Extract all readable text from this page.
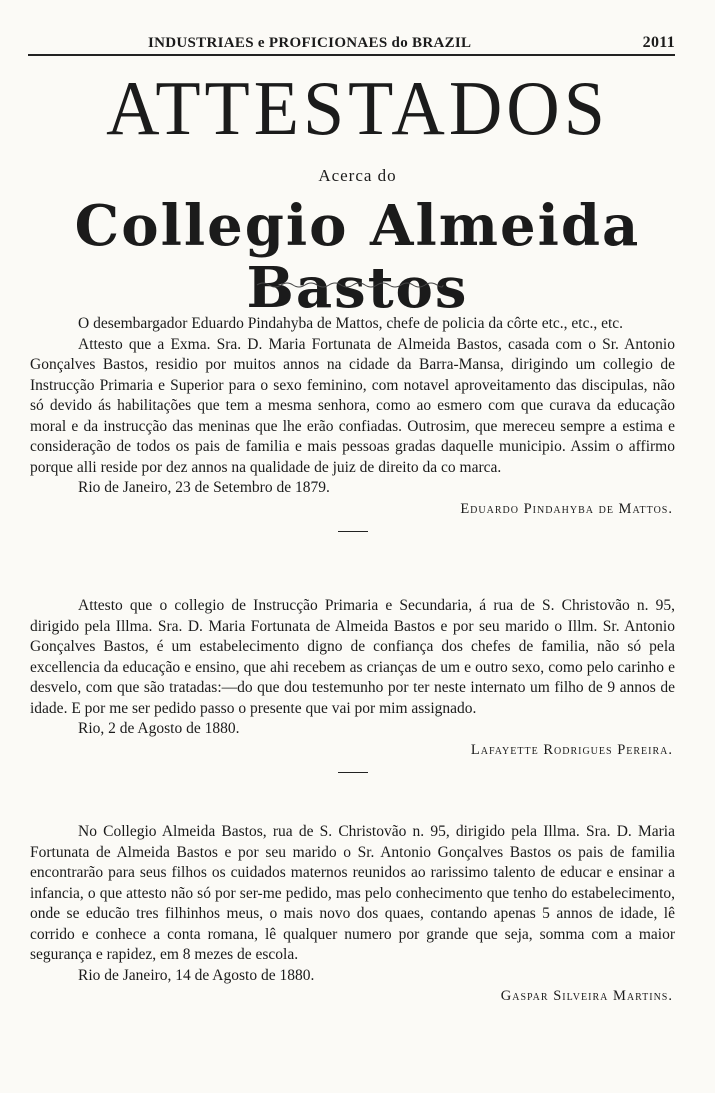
INDUSTRIAES e PROFICIONAES do BRAZIL	2011
ATTESTADOS
Acerca do
Collegio Almeida Bastos

O desembargador Eduardo Pindahyba de Mattos, chefe de policia da côrte etc., etc., etc.

Attesto que a Exma. Sra. D. Maria Fortunata de Almeida Bastos, casada com o Sr. Antonio Gonçalves Bastos, residio por muitos annos na cidade da Barra-Mansa, dirigindo um collegio de Instrucção Primaria e Superior para o sexo feminino, com notavel aproveitamento das discipulas, não só devido ás habilitações que tem a mesma senhora, como ao esmero com que curava da educação moral e da instrucção das meninas que lhe erão confiadas. Outrosim, que mereceu sempre a estima e consideração de todos os pais de familia e mais pessoas gradas daquelle municipio. Assim o affirmo porque alli reside por dez annos na qualidade de juiz de direito da co marca.

Rio de Janeiro, 23 de Setembro de 1879.
Eduardo Pindahyba de Mattos.

Attesto que o collegio de Instrucção Primaria e Secundaria, á rua de S. Christovão n. 95, dirigido pela Illma. Sra. D. Maria Fortunata de Almeida Bastos e por seu marido o Illm. Sr. Antonio Gonçalves Bastos, é um estabelecimento digno de confiança dos chefes de familia, não só pela excellencia da educação e ensino, que ahi recebem as crianças de um e outro sexo, como pelo carinho e desvelo, com que são tratadas:—do que dou testemunho por ter neste internato um filho de 9 annos de idade. E por me ser pedido passo o presente que vai por mim assignado.

Rio, 2 de Agosto de 1880.
Lafayette Rodrigues Pereira.

No Collegio Almeida Bastos, rua de S. Christovão n. 95, dirigido pela Illma. Sra. D. Maria Fortunata de Almeida Bastos e por seu marido o Sr. Antonio Gonçalves Bastos os pais de familia encontrarão para seus filhos os cuidados maternos reunidos ao rarissimo talento de educar e ensinar a infancia, o que attesto não só por ser-me pedido, mas pelo conhecimento que tenho do estabelecimento, onde se educão tres filhinhos meus, o mais novo dos quaes, contando apenas 5 annos de idade, lê corrido e conhece a conta romana, lê qualquer numero por grande que seja, somma com a maior segurança e rapidez, em 8 mezes de escola.

Rio de Janeiro, 14 de Agosto de 1880.
Gaspar Silveira Martins.
